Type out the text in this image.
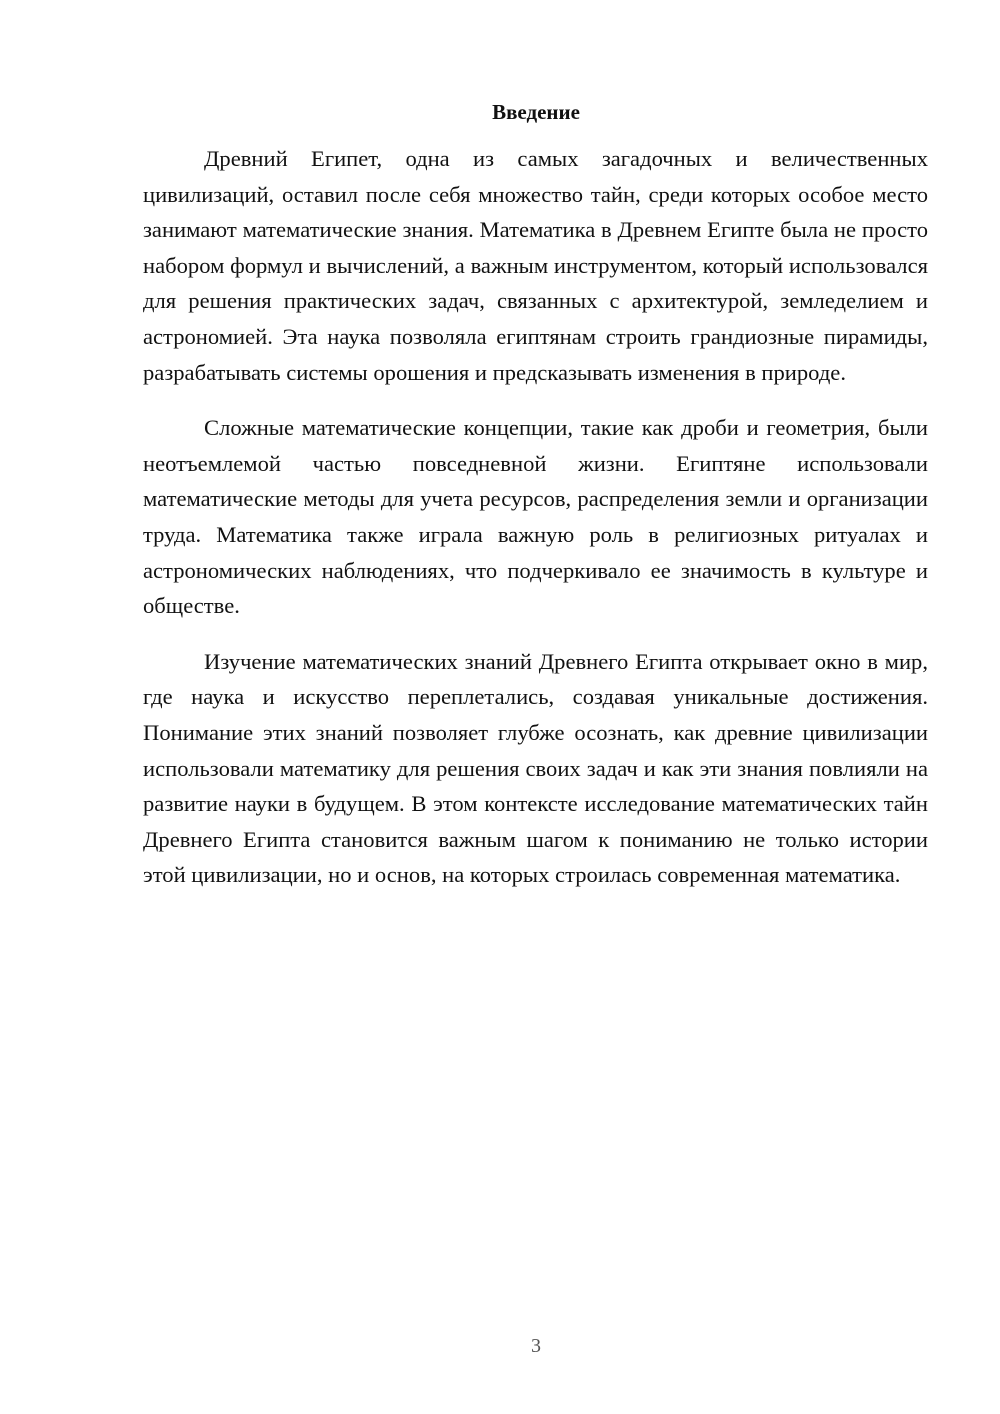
Введение

Древний Египет, одна из самых загадочных и величественных цивилизаций, оставил после себя множество тайн, среди которых особое место занимают математические знания. Математика в Древнем Египте была не просто набором формул и вычислений, а важным инструментом, который использовался для решения практических задач, связанных с архитектурой, земледелием и астрономией. Эта наука позволяла египтянам строить грандиозные пирамиды, разрабатывать системы орошения и предсказывать изменения в природе.

Сложные математические концепции, такие как дроби и геометрия, были неотъемлемой частью повседневной жизни. Египтяне использовали математические методы для учета ресурсов, распределения земли и организации труда. Математика также играла важную роль в религиозных ритуалах и астрономических наблюдениях, что подчеркивало ее значимость в культуре и обществе.

Изучение математических знаний Древнего Египта открывает окно в мир, где наука и искусство переплетались, создавая уникальные достижения. Понимание этих знаний позволяет глубже осознать, как древние цивилизации использовали математику для решения своих задач и как эти знания повлияли на развитие науки в будущем. В этом контексте исследование математических тайн Древнего Египта становится важным шагом к пониманию не только истории этой цивилизации, но и основ, на которых строилась современная математика.

3
